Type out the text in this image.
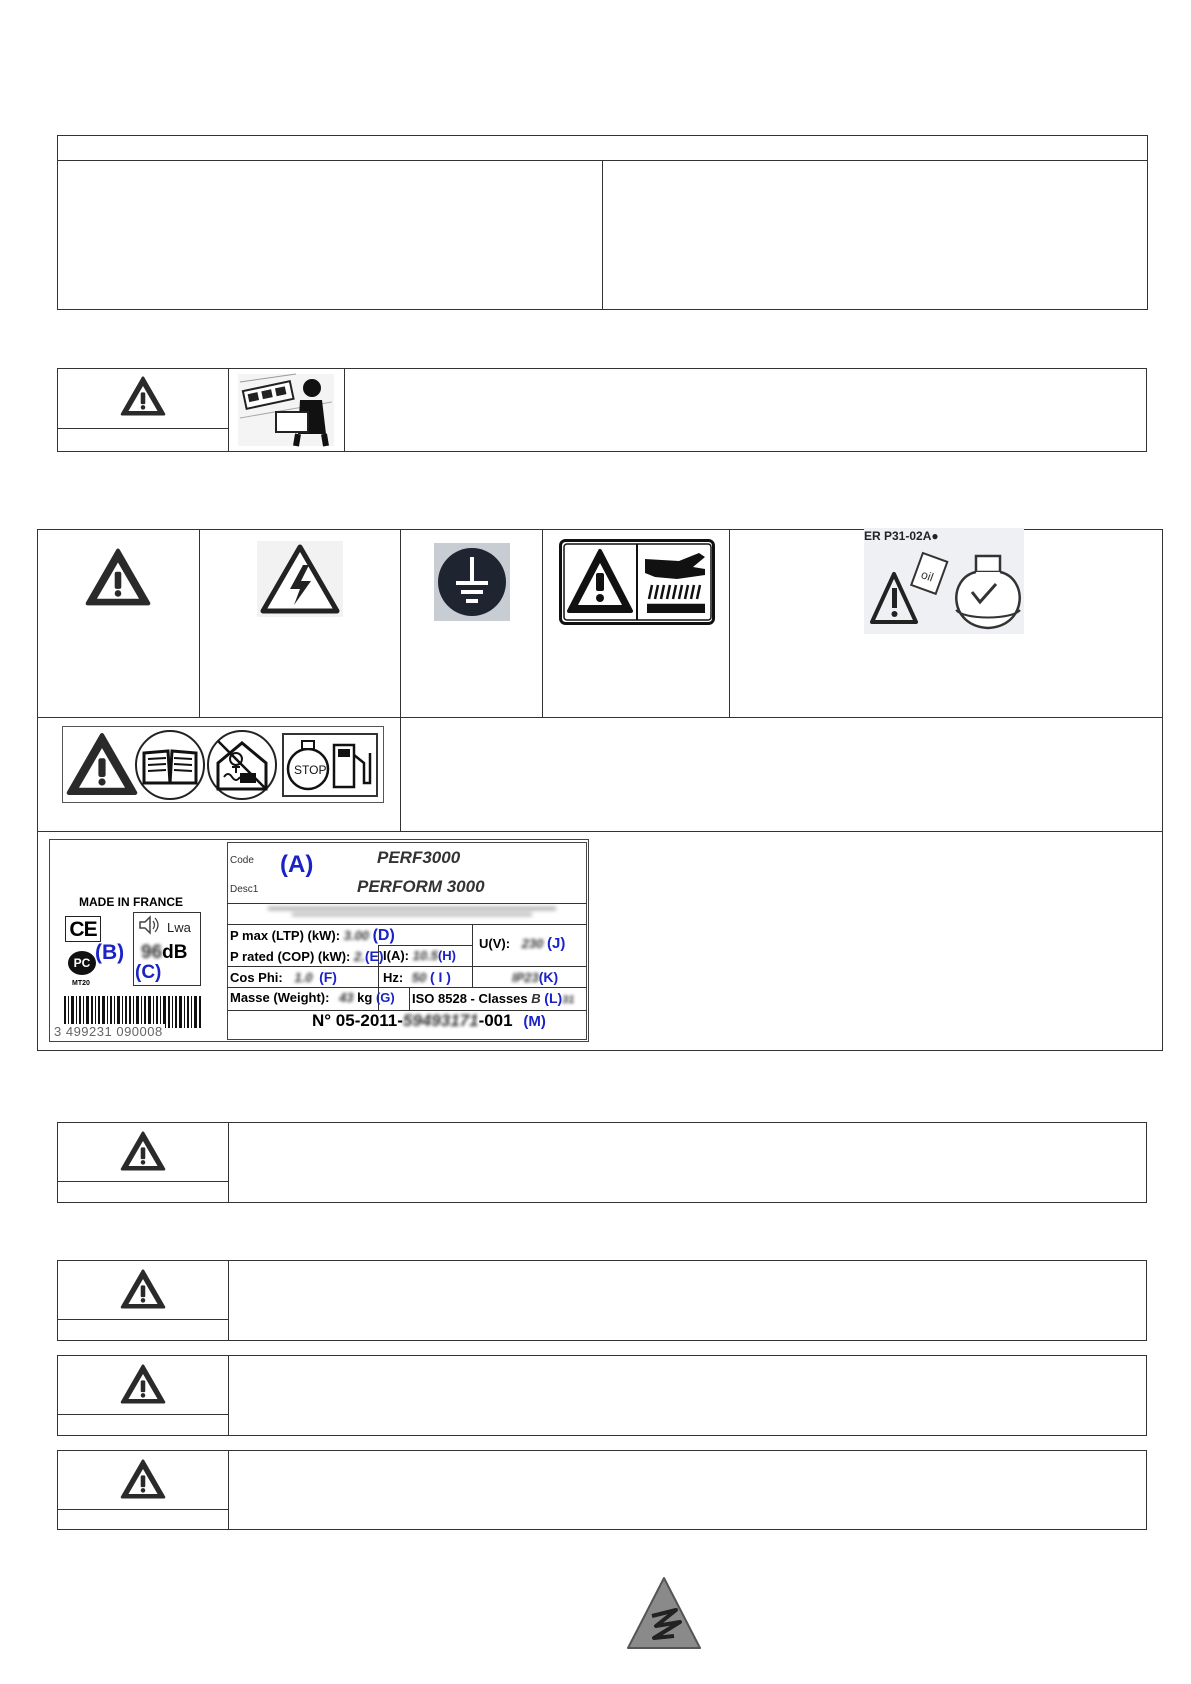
ER P31-02A●
oil
STOP
Code (A)	PERF3000
Desc1	PERFORM 3000
P max (LTP) (kW): 3.00 (D)
P rated (COP) (kW): 2.(E) I(A): 10.5(H)
U(V): 230 (J)
Cos Phi: 1.0 (F)	Hz: 50 ( I )	IP23(K)
Masse (Weight): 43 kg (G) ISO 8528 - Classes B (L)31
N° 05-2011-59493171-001 (M)
MADE IN FRANCE
CE
PC (B)
MT20
Lwa
96dB
(C)
3 499231 090008
